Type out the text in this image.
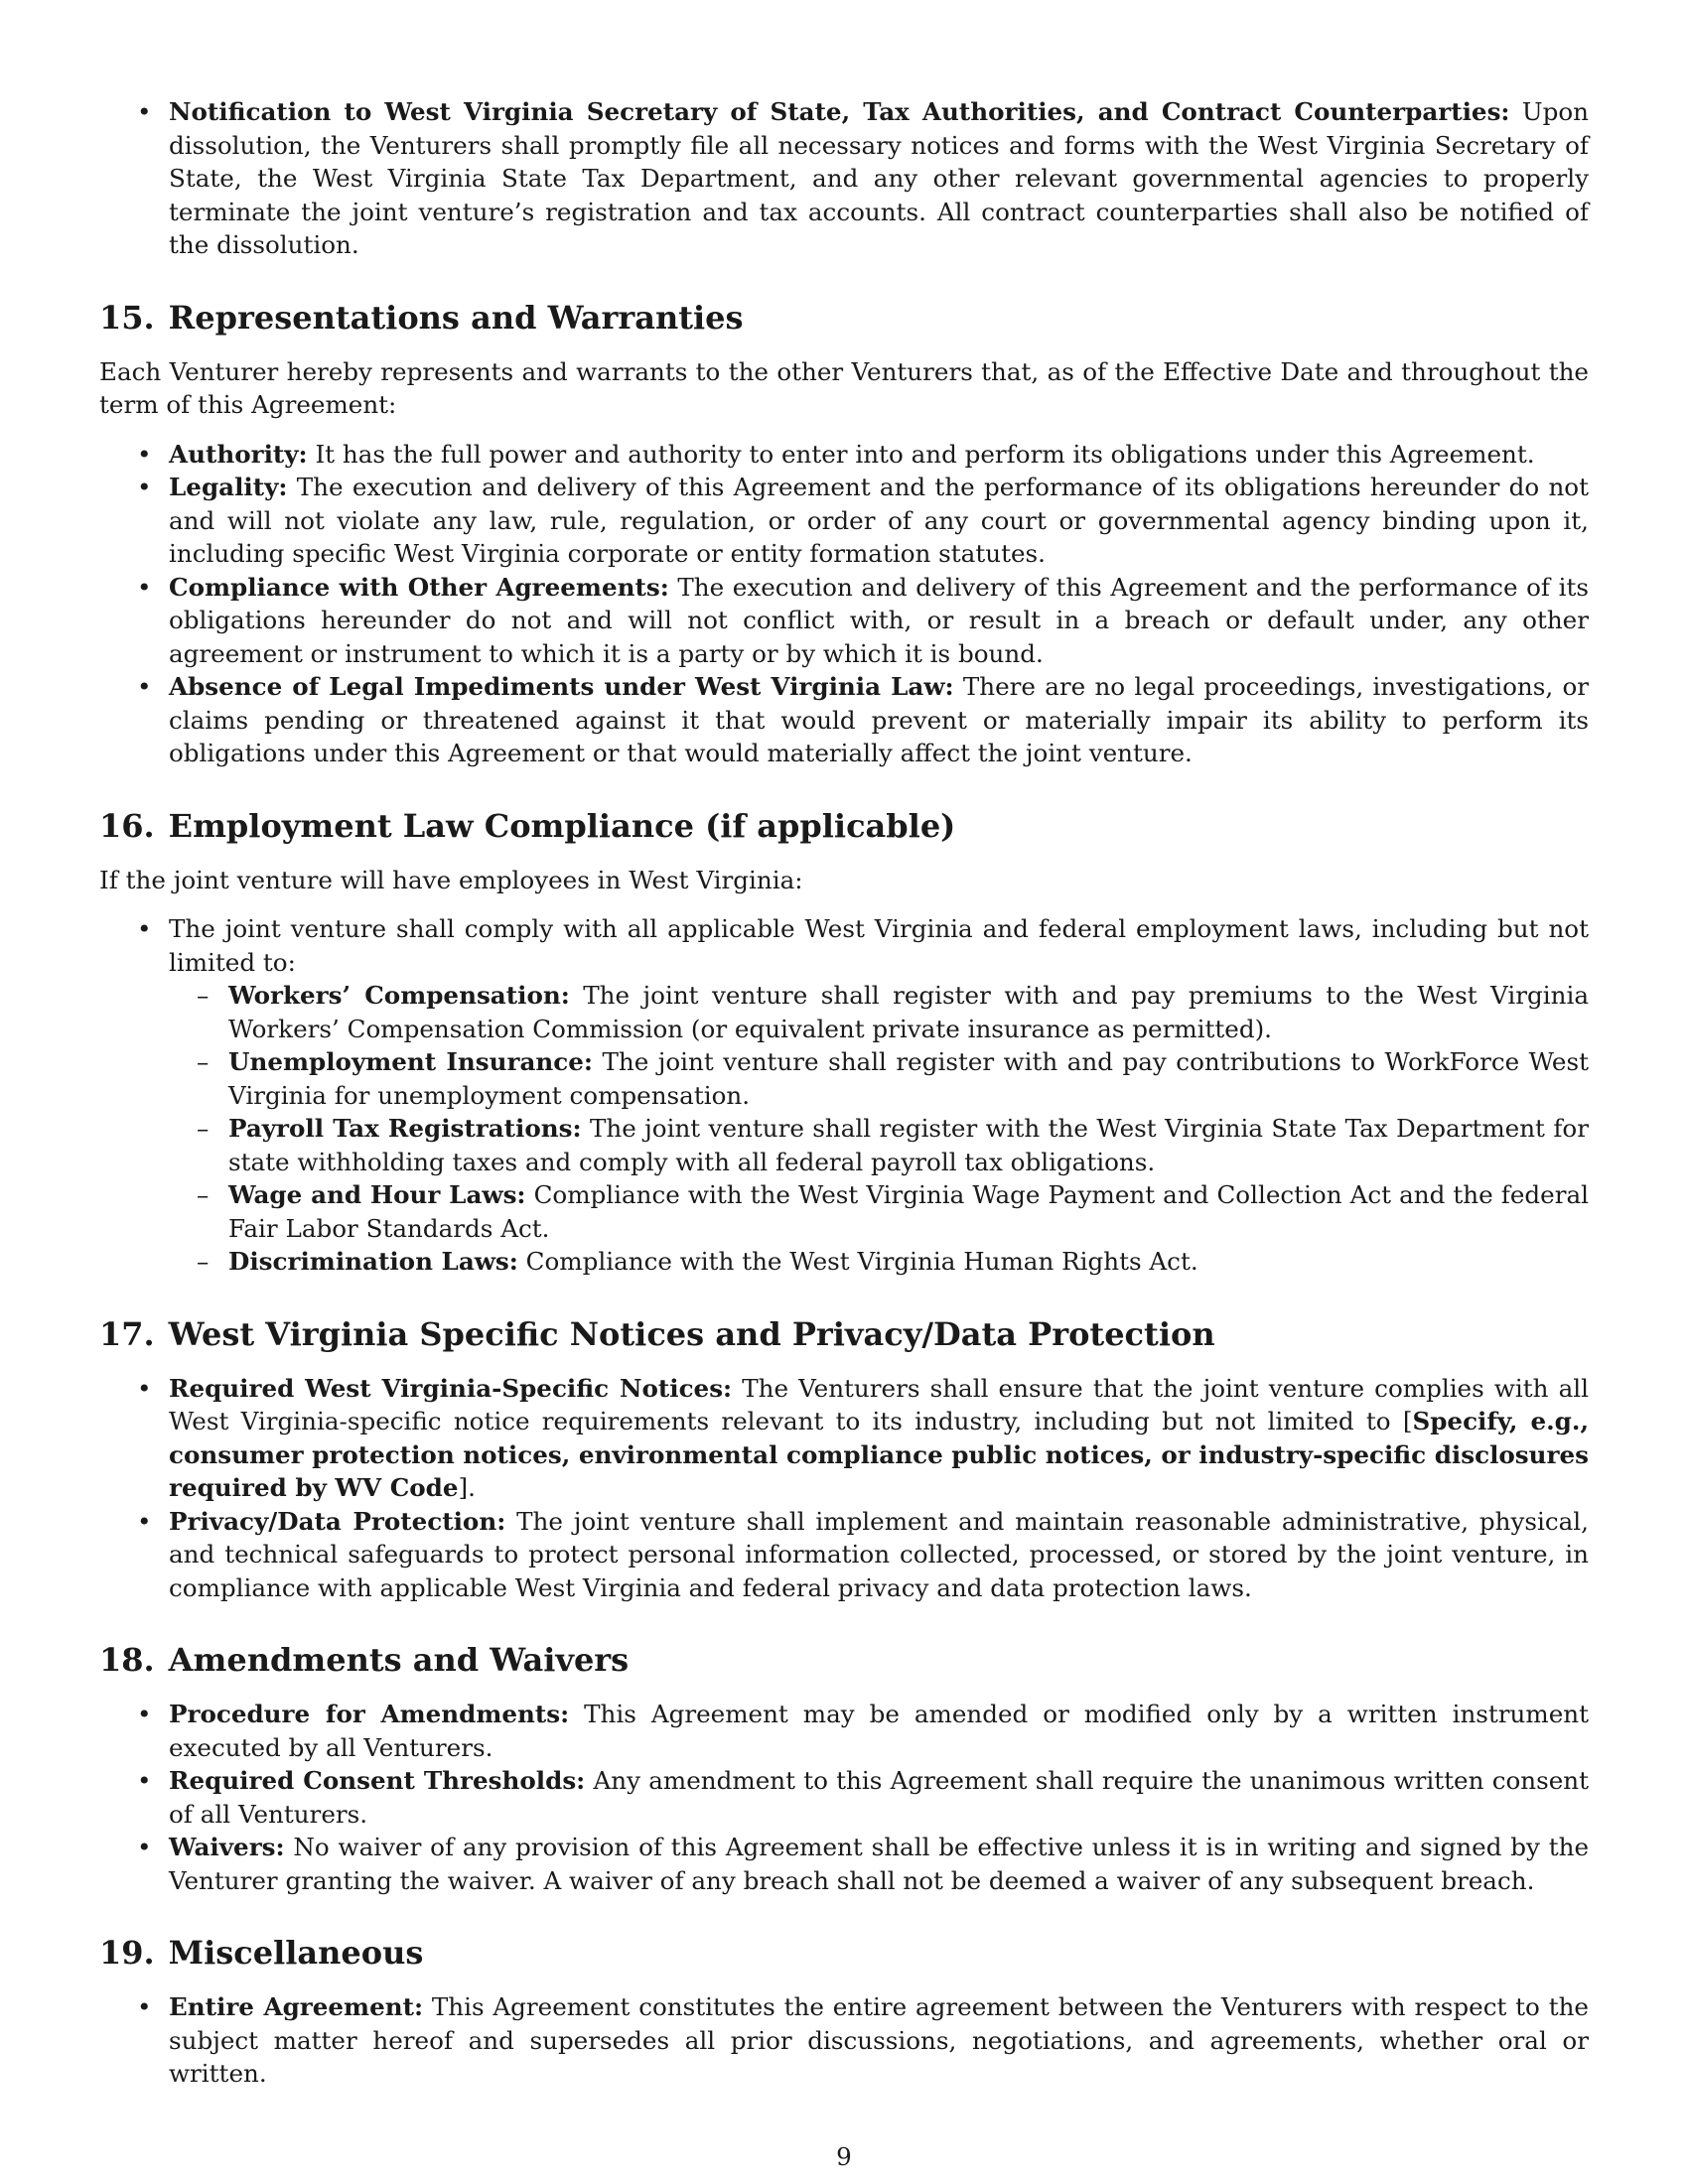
• Notification to West Virginia Secretary of State, Tax Authorities, and Contract Counterparties: Upon dissolution, the Venturers shall promptly file all necessary notices and forms with the West Virginia Secretary of State, the West Virginia State Tax Department, and any other relevant governmental agencies to properly terminate the joint venture’s registration and tax accounts. All contract counterparties shall also be notified of the dissolution.
15. Representations and Warranties

Each Venturer hereby represents and warrants to the other Venturers that, as of the Effective Date and throughout the term of this Agreement:

• Authority: It has the full power and authority to enter into and perform its obligations under this Agreement.
• Legality: The execution and delivery of this Agreement and the performance of its obligations hereunder do not and will not violate any law, rule, regulation, or order of any court or governmental agency binding upon it, including specific West Virginia corporate or entity formation statutes.
• Compliance with Other Agreements: The execution and delivery of this Agreement and the performance of its obligations hereunder do not and will not conflict with, or result in a breach or default under, any other agreement or instrument to which it is a party or by which it is bound.
• Absence of Legal Impediments under West Virginia Law: There are no legal proceedings, investigations, or claims pending or threatened against it that would prevent or materially impair its ability to perform its obligations under this Agreement or that would materially affect the joint venture.
16. Employment Law Compliance (if applicable)

If the joint venture will have employees in West Virginia:

• The joint venture shall comply with all applicable West Virginia and federal employment laws, including but not limited to:
– Workers’ Compensation: The joint venture shall register with and pay premiums to the West Virginia Workers’ Compensation Commission (or equivalent private insurance as permitted).
– Unemployment Insurance: The joint venture shall register with and pay contributions to WorkForce West Virginia for unemployment compensation.
– Payroll Tax Registrations: The joint venture shall register with the West Virginia State Tax Department for state withholding taxes and comply with all federal payroll tax obligations.
– Wage and Hour Laws: Compliance with the West Virginia Wage Payment and Collection Act and the federal Fair Labor Standards Act.
– Discrimination Laws: Compliance with the West Virginia Human Rights Act.
17. West Virginia Specific Notices and Privacy/Data Protection
• Required West Virginia-Specific Notices: The Venturers shall ensure that the joint venture complies with all West Virginia-specific notice requirements relevant to its industry, including but not limited to [Specify, e.g., consumer protection notices, environmental compliance public notices, or industry-specific disclosures required by WV Code].
• Privacy/Data Protection: The joint venture shall implement and maintain reasonable administrative, physical, and technical safeguards to protect personal information collected, processed, or stored by the joint venture, in compliance with applicable West Virginia and federal privacy and data protection laws.
18. Amendments and Waivers
• Procedure for Amendments: This Agreement may be amended or modified only by a written instrument executed by all Venturers.
• Required Consent Thresholds: Any amendment to this Agreement shall require the unanimous written consent of all Venturers.
• Waivers: No waiver of any provision of this Agreement shall be effective unless it is in writing and signed by the Venturer granting the waiver. A waiver of any breach shall not be deemed a waiver of any subsequent breach.
19. Miscellaneous
• Entire Agreement: This Agreement constitutes the entire agreement between the Venturers with respect to the subject matter hereof and supersedes all prior discussions, negotiations, and agreements, whether oral or written.
9
